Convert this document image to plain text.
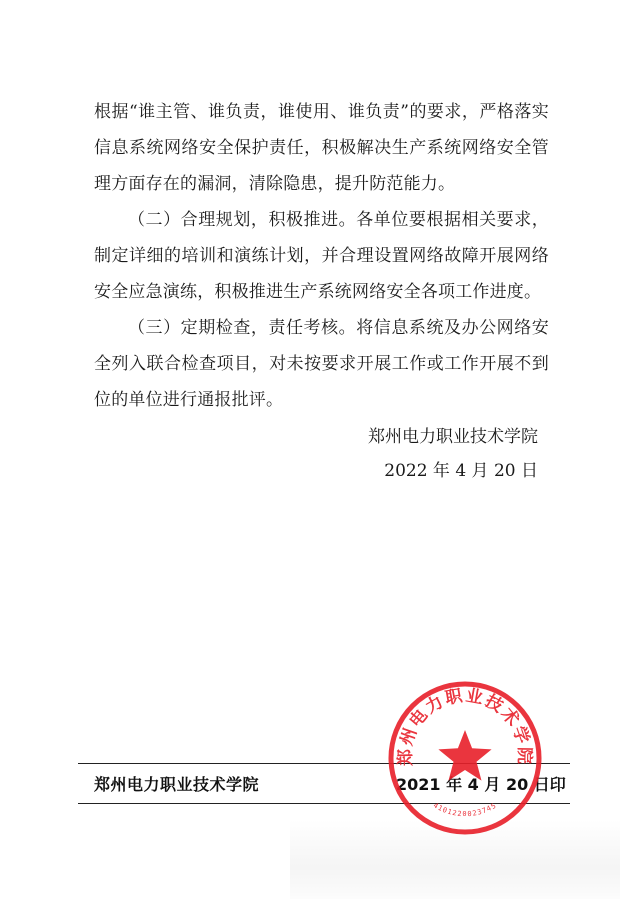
根据“谁主管、谁负责，谁使用、谁负责”的要求，严格落实信息系统网络安全保护责任，积极解决生产系统网络安全管理方面存在的漏洞，清除隐患，提升防范能力。

（二）合理规划，积极推进。各单位要根据相关要求，制定详细的培训和演练计划，并合理设置网络故障开展网络安全应急演练，积极推进生产系统网络安全各项工作进度。

（三）定期检查，责任考核。将信息系统及办公网络安全列入联合检查项目，对未按要求开展工作或工作开展不到位的单位进行通报批评。

郑州电力职业技术学院
2022 年 4 月 20 日
郑州电力职业技术学院	2021 年 4 月 20 日印
郑州电力职业技术学院
4101220023745
